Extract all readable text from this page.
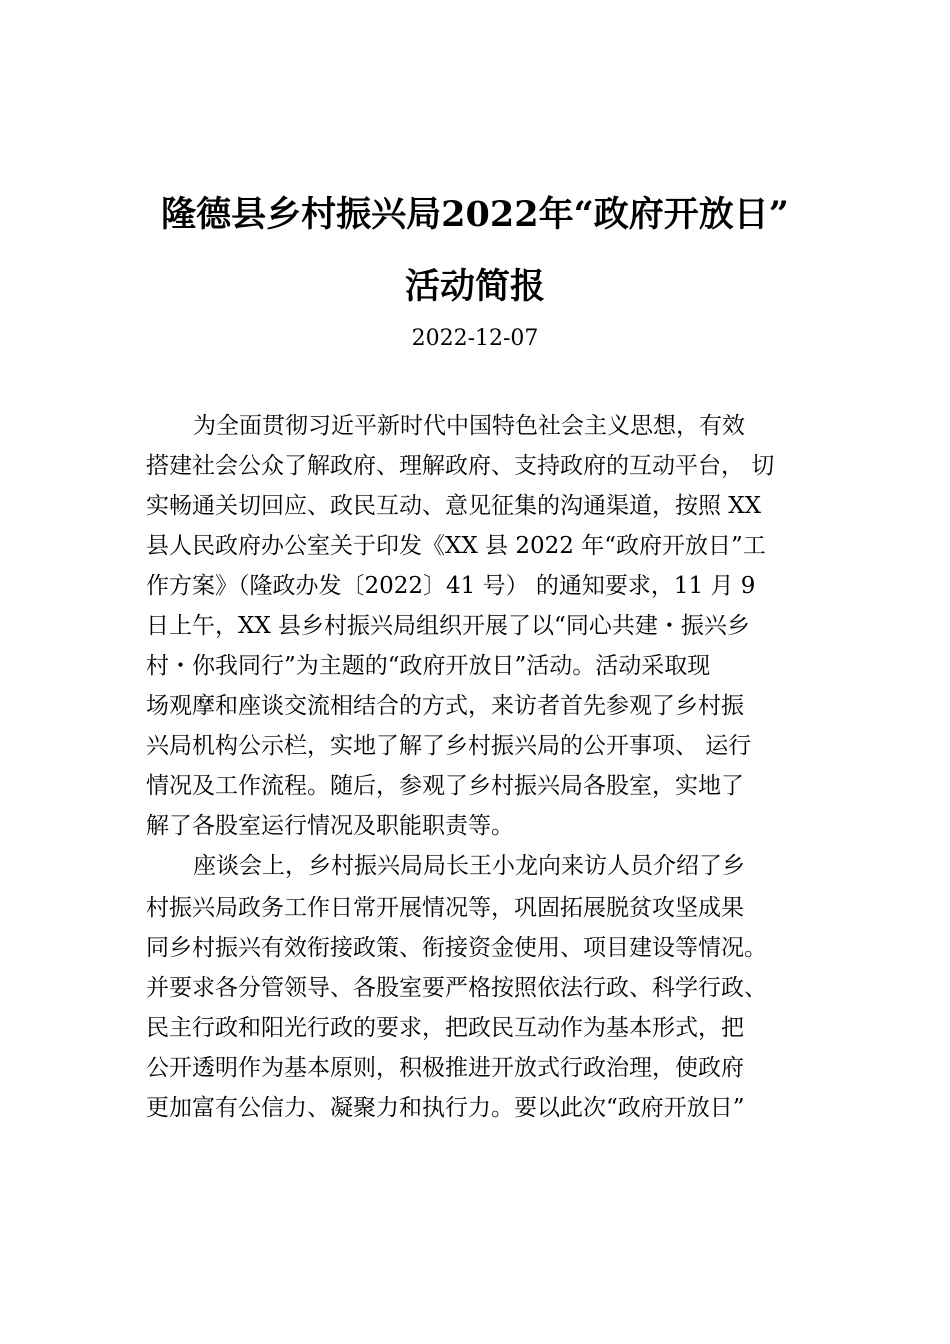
隆德县乡村振兴局2022年“政府开放日”
活动简报
2022-12-07
为全面贯彻习近平新时代中国特色社会主义思想，有效
搭建社会公众了解政府、理解政府、支持政府的互动平台， 切
实畅通关切回应、政民互动、意见征集的沟通渠道，按照 XX
县人民政府办公室关于印发《XX 县 2022 年“政府开放日”工
作方案》（隆政办发〔2022〕41 号） 的通知要求，11 月 9
日上午，XX 县乡村振兴局组织开展了以“同心共建・振兴乡
村・你我同行”为主题的“政府开放日”活动。活动采取现
场观摩和座谈交流相结合的方式，来访者首先参观了乡村振
兴局机构公示栏，实地了解了乡村振兴局的公开事项、 运行
情况及工作流程。随后，参观了乡村振兴局各股室，实地了
解了各股室运行情况及职能职责等。
座谈会上，乡村振兴局局长王小龙向来访人员介绍了乡
村振兴局政务工作日常开展情况等，巩固拓展脱贫攻坚成果
同乡村振兴有效衔接政策、衔接资金使用、项目建设等情况。
并要求各分管领导、各股室要严格按照依法行政、科学行政、
民主行政和阳光行政的要求，把政民互动作为基本形式，把
公开透明作为基本原则，积极推进开放式行政治理，使政府
更加富有公信力、凝聚力和执行力。要以此次“政府开放日”
